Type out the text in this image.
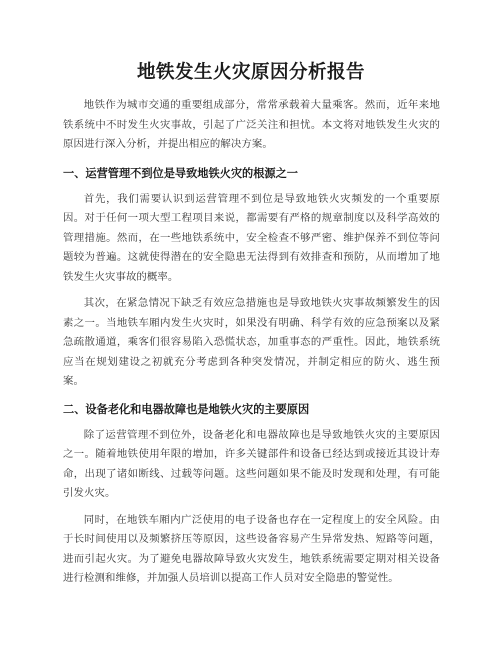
地铁发生火灾原因分析报告

地铁作为城市交通的重要组成部分，常常承载着大量乘客。然而，近年来地铁系统中不时发生火灾事故，引起了广泛关注和担忧。本文将对地铁发生火灾的原因进行深入分析，并提出相应的解决方案。

一、运营管理不到位是导致地铁火灾的根源之一

首先，我们需要认识到运营管理不到位是导致地铁火灾频发的一个重要原因。对于任何一项大型工程项目来说，都需要有严格的规章制度以及科学高效的管理措施。然而，在一些地铁系统中，安全检查不够严密、维护保养不到位等问题较为普遍。这就使得潜在的安全隐患无法得到有效排查和预防，从而增加了地铁发生火灾事故的概率。

其次，在紧急情况下缺乏有效应急措施也是导致地铁火灾事故频繁发生的因素之一。当地铁车厢内发生火灾时，如果没有明确、科学有效的应急预案以及紧急疏散通道，乘客们很容易陷入恐慌状态，加重事态的严重性。因此，地铁系统应当在规划建设之初就充分考虑到各种突发情况，并制定相应的防火、逃生预案。

二、设备老化和电器故障也是地铁火灾的主要原因

除了运营管理不到位外，设备老化和电器故障也是导致地铁火灾的主要原因之一。随着地铁使用年限的增加，许多关键部件和设备已经达到或接近其设计寿命，出现了诸如断线、过载等问题。这些问题如果不能及时发现和处理，有可能引发火灾。

同时，在地铁车厢内广泛使用的电子设备也存在一定程度上的安全风险。由于长时间使用以及频繁挤压等原因，这些设备容易产生异常发热、短路等问题，进而引起火灾。为了避免电器故障导致火灾发生，地铁系统需要定期对相关设备进行检测和维修，并加强人员培训以提高工作人员对安全隐患的警觉性。
